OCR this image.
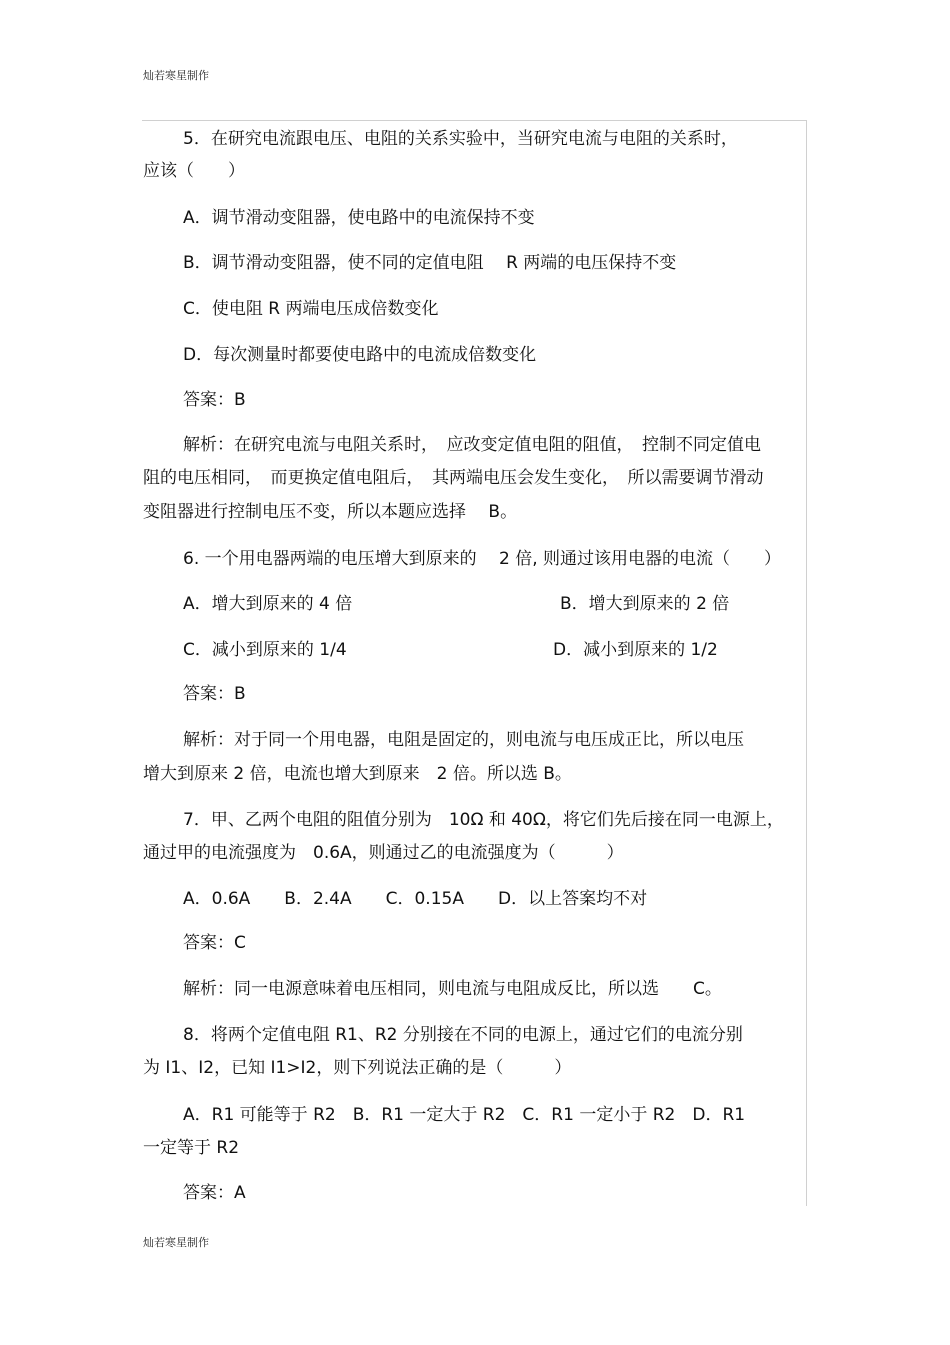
灿若寒星制作
5．在研究电流跟电压、电阻的关系实验中，当研究电流与电阻的关系时，
应该（　　）
A．调节滑动变阻器，使电路中的电流保持不变
B．调节滑动变阻器，使不同的定值电阻　 R 两端的电压保持不变
C．使电阻 R 两端电压成倍数变化
D．每次测量时都要使电路中的电流成倍数变化
答案：B
解析：在研究电流与电阻关系时，　应改变定值电阻的阻值，　控制不同定值电
阻的电压相同，　而更换定值电阻后，　其两端电压会发生变化，　所以需要调节滑动
变阻器进行控制电压不变，所以本题应选择　 B。
6. 一个用电器两端的电压增大到原来的　 2 倍, 则通过该用电器的电流（　　）
A．增大到原来的 4 倍	B．增大到原来的 2 倍
C．减小到原来的 1/4	D．减小到原来的 1/2
答案：B
解析：对于同一个用电器，电阻是固定的，则电流与电压成正比，所以电压
增大到原来 2 倍，电流也增大到原来　2 倍。所以选 B。
7．甲、乙两个电阻的阻值分别为　10Ω 和 40Ω，将它们先后接在同一电源上，
通过甲的电流强度为　0.6A，则通过乙的电流强度为（　　　）
A．0.6A　　B．2.4A　　C．0.15A　　D．以上答案均不对
答案：C
解析：同一电源意味着电压相同，则电流与电阻成反比，所以选　　C。
8．将两个定值电阻 R1、R2 分别接在不同的电源上，通过它们的电流分别
为 I1、I2，已知 I1>I2，则下列说法正确的是（　　　）
A．R1 可能等于 R2　B．R1 一定大于 R2　C．R1 一定小于 R2　D．R1
一定等于 R2
答案：A
灿若寒星制作
